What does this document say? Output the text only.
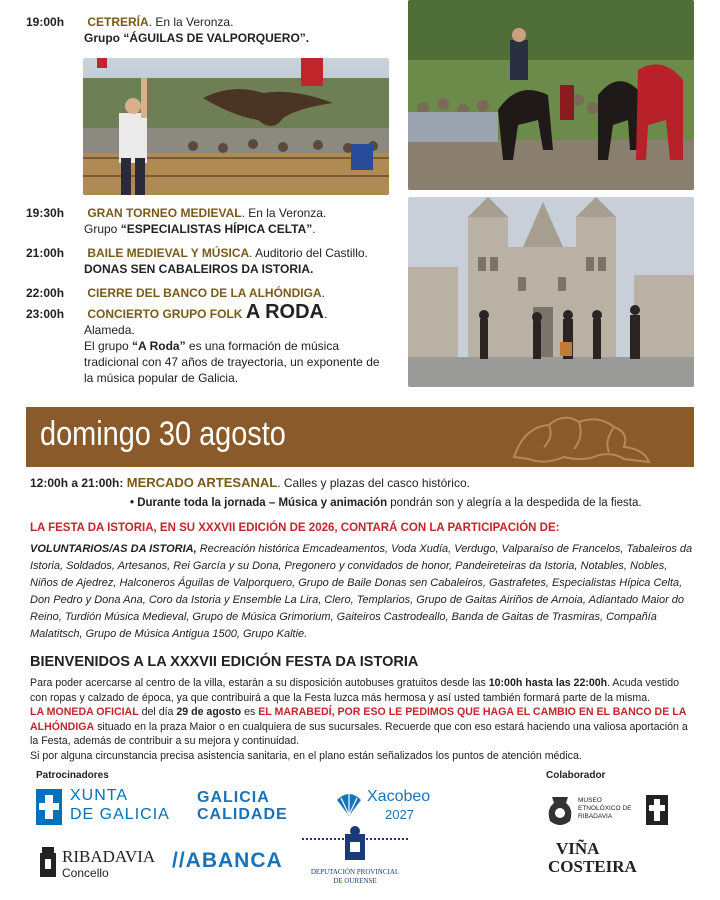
19:00h CETRERÍA. En la Veronza.
Grupo “ÁGUILAS DE VALPORQUERO”.
19:30h GRAN TORNEO MEDIEVAL. En la Veronza.
Grupo “ESPECIALISTAS HÍPICA CELTA”.
21:00h BAILE MEDIEVAL Y MÚSICA. Auditorio del Castillo.
DONAS SEN CABALEIROS DA ISTORIA.
22:00h CIERRE DEL BANCO DE LA ALHÓNDIGA.
23:00h CONCIERTO GRUPO FOLK A RODA.
Alameda.
El grupo “A Roda” es una formación de música tradicional con 47 años de trayectoria, un exponente de la música popular de Galicia.
domingo 30 agosto
12:00h a 21:00h: MERCADO ARTESANAL. Calles y plazas del casco histórico.
• Durante toda la jornada – Música y animación pondrán son y alegría a la despedida de la fiesta.
LA FESTA DA ISTORIA, EN SU XXXVII EDICIÓN DE 2026, CONTARÁ CON LA PARTICIPACIÓN DE:
VOLUNTARIOS/AS DA ISTORIA, Recreación histórica Emcadeamentos, Voda Xudía, Verdugo, Valparaíso de Francelos, Tabaleiros da Istoria, Soldados, Artesanos, Rei García y su Dona, Pregonero y convidados de honor, Pandeireteiras da Istoria, Notables, Nobles, Niños de Ajedrez, Halconeros Águilas de Valporquero, Grupo de Baile Donas sen Cabaleiros, Gastrafetes, Especialistas Hípica Celta, Don Pedro y Dona Ana, Coro da Istoria y Ensemble La Lira, Clero, Templarios, Grupo de Gaitas Airiños de Arnoia, Adiantado Maior do Reino, Turdión Música Medieval, Grupo de Música Grimorium, Gaiteiros Castrodeallo, Banda de Gaitas de Trasmiras, Compañía Malatitsch, Grupo de Música Antigua 1500, Grupo Kaltie.
BIENVENIDOS A LA XXXVII EDICIÓN FESTA DA ISTORIA
Para poder acercarse al centro de la villa, estarán a su disposición autobuses gratuitos desde las 10:00h hasta las 22:00h. Acuda vestido con ropas y calzado de época, ya que contribuirá a que la Festa luzca más hermosa y así usted también formará parte de la misma.
LA MONEDA OFICIAL del día 29 de agosto es EL MARABEDÍ, POR ESO LE PEDIMOS QUE HAGA EL CAMBIO EN EL BANCO DE LA ALHÓNDIGA situado en la praza Maior o en cualquiera de sus sucursales. Recuerde que con eso estará haciendo una valiosa aportación a la Festa, además de contribuir a su mejora y continuidad.
Si por alguna circunstancia precisa asistencia sanitaria, en el plano están señalizados los puntos de atención médica.
Patrocinadores	Colaborador
XUNTA
DE GALICIA
GALICIA
CALIDADE
Xacobeo
2027
RIBADAVIA
Concello
//ABANCA	DEPUTACIÓN PROVINCIAL
DE OURENSE
MUSEO
ETNOLÓXICO DE
RIBADAVIA
VIÑA
COSTEIRA
